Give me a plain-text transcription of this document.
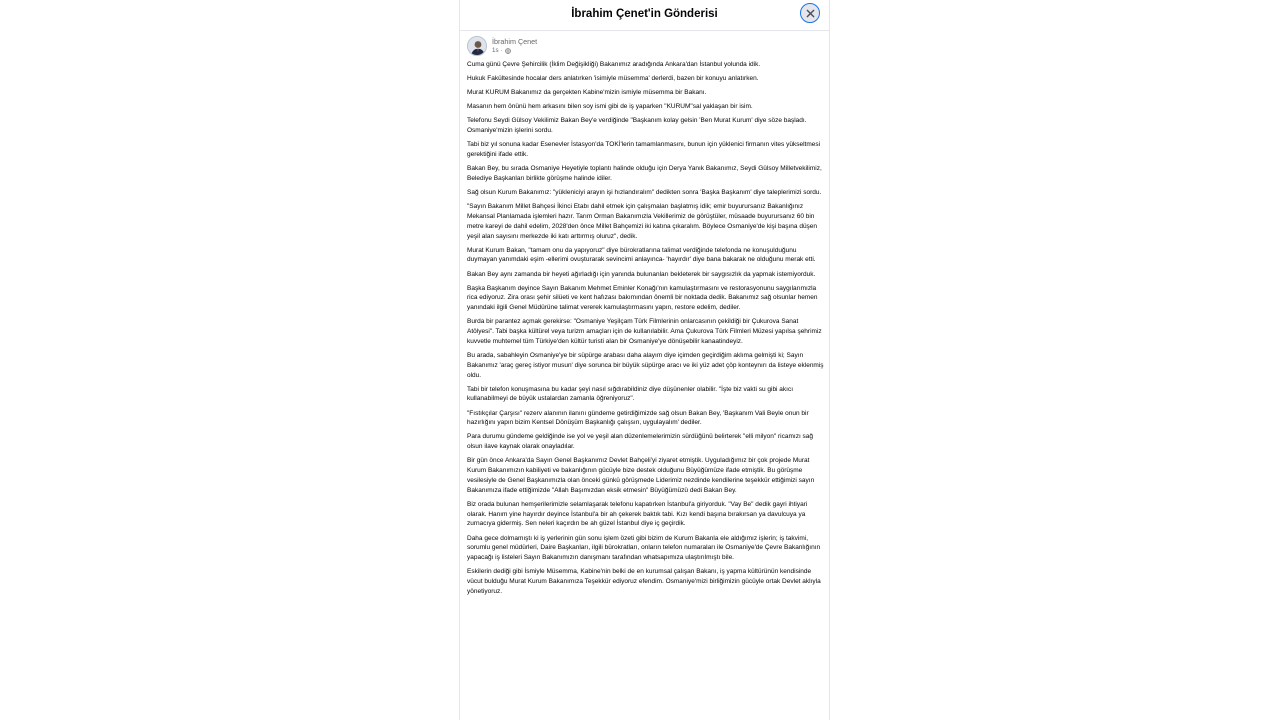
İbrahim Çenet'in Gönderisi
İbrahim Çenet
1s ·

Cuma günü Çevre Şehircilik (İklim Değişikliği) Bakanımız aradığında Ankara'dan İstanbul yolunda idik.

Hukuk Fakültesinde hocalar ders anlatırken 'isimiyle müsemma' derlerdi, bazen bir konuyu anlatırken.

Murat KURUM Bakanımız da gerçekten Kabine'mizin ismiyle müsemma bir Bakanı.

Masanın hem önünü hem arkasını bilen soy ismi gibi de iş yaparken "KURUM"sal yaklaşan bir isim.

Telefonu Seydi Gülsoy Vekilimiz Bakan Bey'e verdiğinde "Başkanım kolay gelsin 'Ben Murat Kurum' diye söze başladı. Osmaniye'mizin işlerini sordu.

Tabi biz yıl sonuna kadar Esenevler İstasyon'da TOKİ'lerin tamamlanmasını, bunun için yüklenici firmanın vites yükseltmesi gerektiğini ifade ettik.

Bakan Bey, bu sırada Osmaniye Heyetiyle toplantı halinde olduğu için Derya Yanık Bakanımız, Seydi Gülsoy Milletvekilimiz, Belediye Başkanları birlikte görüşme halinde idiler.

Sağ olsun Kurum Bakanımız: "yükleniciyi arayın işi hızlandıralım" dedikten sonra 'Başka Başkanım' diye taleplerimizi sordu.

"Sayın Bakanım Millet Bahçesi İkinci Etabı dahil etmek için çalışmaları başlatmış idik; emir buyurursanız Bakanlığınız Mekansal Planlamada işlemleri hazır. Tarım Orman Bakanımızla Vekillerimiz de görüştüler, müsaade buyurursanız 60 bin metre kareyi de dahil edelim, 2028'den önce Millet Bahçemizi iki katına çıkaralım. Böylece Osmaniye'de kişi başına düşen yeşil alan sayısını merkezde iki katı arttırmış oluruz", dedik.

Murat Kurum Bakan, "tamam onu da yapıyoruz" diye bürokratlarına talimat verdiğinde telefonda ne konuşulduğunu duymayan yanımdaki eşim -ellerimi ovuşturarak sevincimi anlayınca- 'hayırdır' diye bana bakarak ne olduğunu merak etti.

Bakan Bey aynı zamanda bir heyeti ağırladığı için yanında bulunanları bekleterek bir saygısızlık da yapmak istemiyorduk.

Başka Başkanım deyince Sayın Bakanım Mehmet Eminler Konağı'nın kamulaştırmasını ve restorasyonunu saygılarımızla rica ediyoruz. Zira orası şehir silüeti ve kent hafızası bakımından önemli bir noktada dedik. Bakanımız sağ olsunlar hemen yanındaki ilgili Genel Müdürüne talimat vererek kamulaştırmasını yapın, restore edelim, dediler.

Burda bir parantez açmak gerekirse: "Osmaniye Yeşilçam Türk Filmlerinin onlarcasının çekildiği bir Çukurova Sanat Atölyesi". Tabi başka kültürel veya turizm amaçları için de kullanılabilir. Ama Çukurova Türk Filmleri Müzesi yapılsa şehrimiz kuvvetle muhtemel tüm Türkiye'den kültür turisti alan bir Osmaniye'ye dönüşebilir kanaatindeyiz.

Bu arada, sabahleyin Osmaniye'ye bir süpürge arabası daha alayım diye içimden geçirdiğim aklıma gelmişti ki; Sayın Bakanımız 'araç gereç istiyor musun' diye sorunca bir büyük süpürge aracı ve iki yüz adet çöp konteynırı da listeye eklenmiş oldu.

Tabi bir telefon konuşmasına bu kadar şeyi nasıl sığdırabildiniz diye düşünenler olabilir. "İşte biz vakti su gibi akıcı kullanabilmeyi de büyük ustalardan zamanla öğreniyoruz".

"Fıstıkçılar Çarşısı" rezerv alanının ilanını gündeme getirdiğimizde sağ olsun Bakan Bey, 'Başkanım Vali Beyle onun bir hazırlığını yapın bizim Kentsel Dönüşüm Başkanlığı çalışsın, uygulayalım' dediler.

Para durumu gündeme geldiğinde ise yol ve yeşil alan düzenlemelerimizin sürdüğünü belirterek "elli milyon" ricamızı sağ olsun ilave kaynak olarak onayladılar.

Bir gün önce Ankara'da Sayın Genel Başkanımız Devlet Bahçeli'yi ziyaret etmiştik. Uyguladığımız bir çok projede Murat Kurum Bakanımızın kabiliyeti ve bakanlığının gücüyle bize destek olduğunu Büyüğümüze ifade etmiştik. Bu görüşme vesilesiyle de Genel Başkanımızla olan önceki günkü görüşmede Liderimiz nezdinde kendilerine teşekkür ettiğimizi sayın Bakanımıza ifade ettiğimizde "Allah Başımızdan eksik etmesin" Büyüğümüzü dedi Bakan Bey.

Biz orada bulunan hemşerilerimizle selamlaşarak telefonu kapatırken İstanbul'a giriyorduk. "Vay Be" dedik gayri ihtiyari olarak. Hanım yine hayırdır deyince İstanbul'a bir ah çekerek baktık tabi. Kızı kendi başına bırakırsan ya davulcuya ya zurnacıya gidermiş. Sen neleri kaçırdın be ah güzel İstanbul diye iç geçirdik.

Daha gece dolmamıştı ki iş yerlerinin gün sonu işlem özeti gibi bizim de Kurum Bakanla ele aldığımız işlerin; iş takvimi, sorumlu genel müdürleri, Daire Başkanları, ilgili bürokratları, onların telefon numaraları ile Osmaniye'de Çevre Bakanlığının yapacağı iş listeleri Sayın Bakanımızın danışmanı tarafından whatsapımıza ulaştırılmıştı bile.

Eskilerin dediği gibi İsmiyle Müsemma, Kabine'nin belki de en kurumsal çalışan Bakanı, iş yapma kültürünün kendisinde vücut bulduğu Murat Kurum Bakanımıza Teşekkür ediyoruz efendim. Osmaniye'mizi birliğimizin gücüyle ortak Devlet aklıyla yönetiyoruz.
